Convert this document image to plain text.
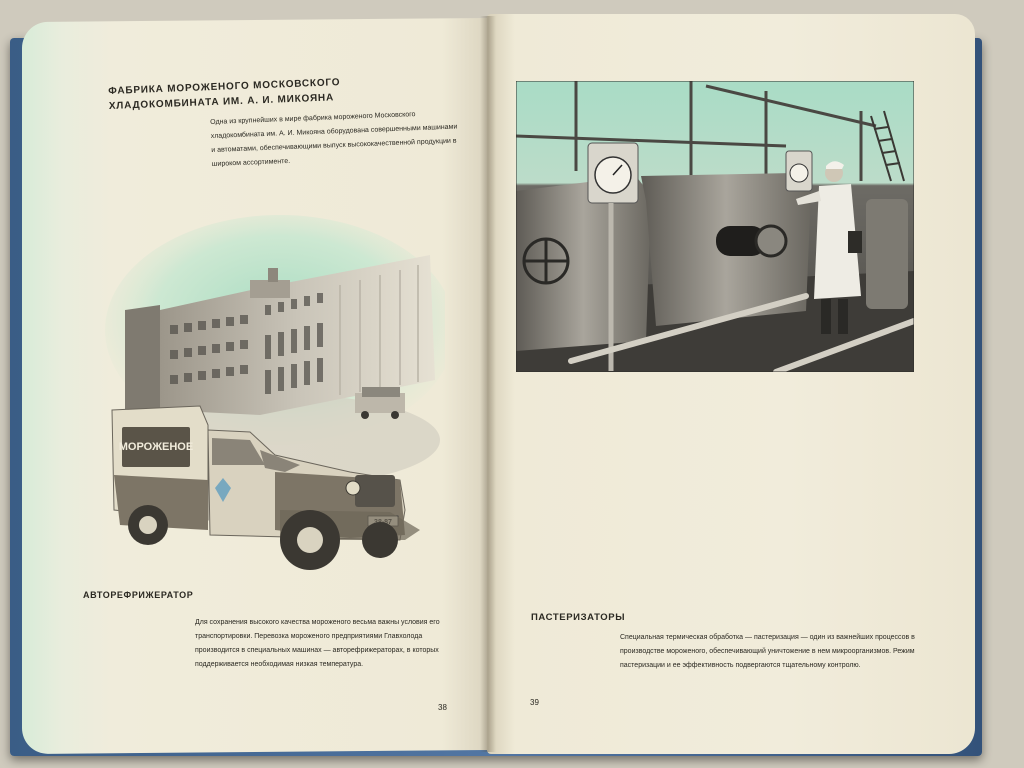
ФАБРИКА МОРОЖЕНОГО МОСКОВСКОГО
ХЛАДОКОМБИНАТА ИМ. А. И. МИКОЯНА
Одна из крупнейших в мире фабрика мороженого Московского хладокомбината им. А. И. Микояна оборудована совершенными машинами и автоматами, обеспечивающими выпуск высококачественной продукции в широком ассортименте.
МОРОЖЕНОЕ
АВТОРЕФРИЖЕРАТОР
Для сохранения высокого качества мороженого весьма важны условия его транспортировки. Перевозка мороженого предприятиями Главхолода производится в специальных машинах — авторефрижераторах, в которых поддерживается необходимая низкая температура.
38
ПАСТЕРИЗАТОРЫ
Специальная термическая обработка — пастеризация — один из важнейших процессов в производстве мороженого, обеспечивающий уничтожение в нем микроорганизмов. Режим пастеризации и ее эффективность подвергаются тщательному контролю.
39
